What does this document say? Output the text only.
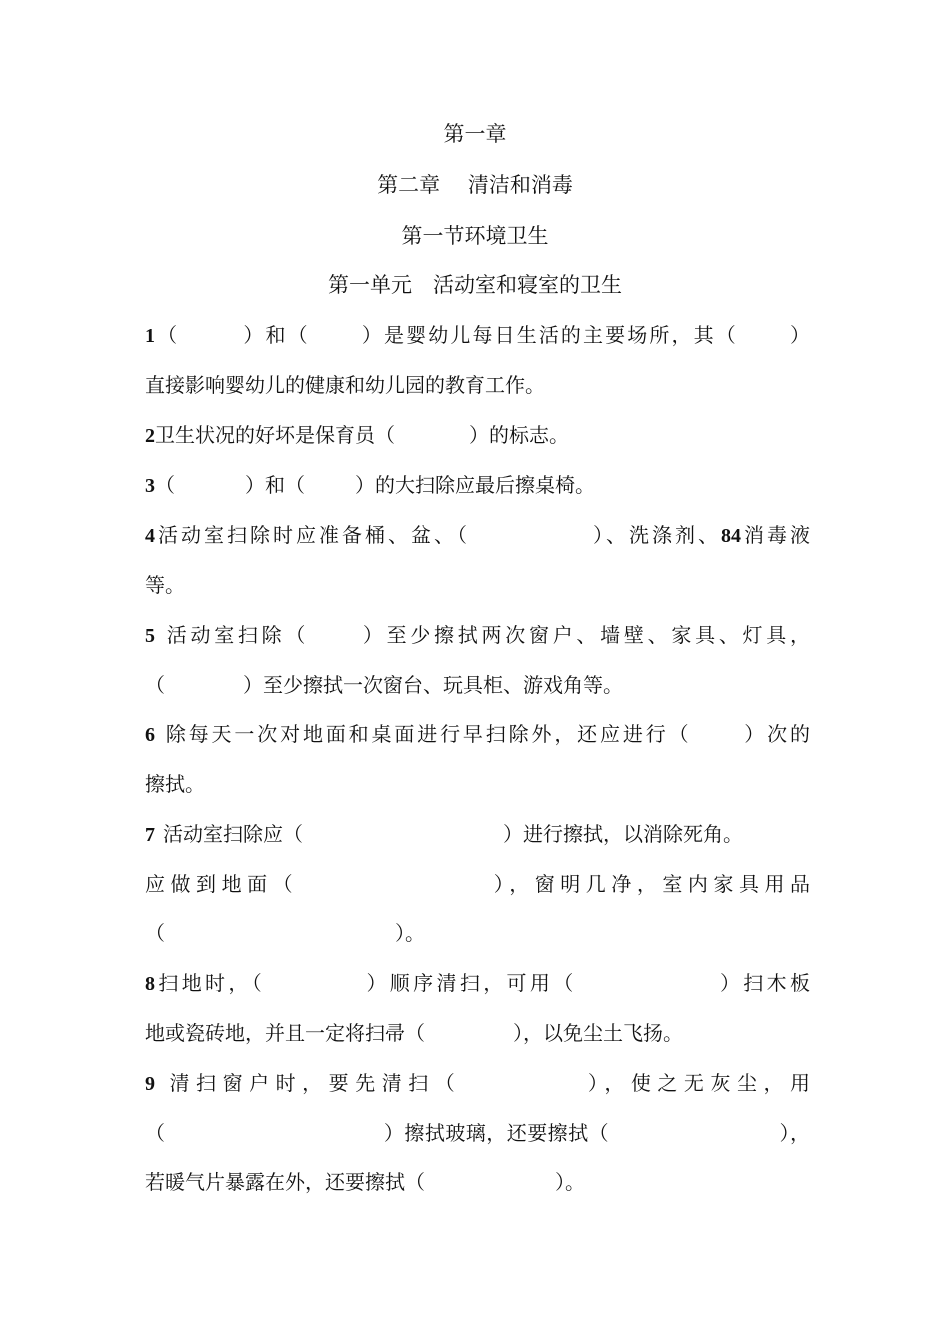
第一章
第二章　 清洁和消毒
第一节环境卫生
第一单元　活动室和寝室的卫生
1（	）和（	）是婴幼儿每日生活的主要场所，其（	）
直接影响婴幼儿的健康和幼儿园的教育工作。
2卫生状况的好坏是保育员（	）的标志。
3（	）和（	）的大扫除应最后擦桌椅。
4活动室扫除时应准备桶、盆、（	）、洗涤剂、84消毒液
等。
5 活动室扫除（	）至少擦拭两次窗户、墙壁、家具、灯具，
（	）至少擦拭一次窗台、玩具柜、游戏角等。
6 除每天一次对地面和桌面进行早扫除外，还应进行（	）次的
擦拭。
7 活动室扫除应（	）进行擦拭，以消除死角。
应做到地面（	），窗明几净，室内家具用品
（	）。
8扫地时，（	）顺序清扫，可用（	）扫木板
地或瓷砖地，并且一定将扫帚（	），以免尘土飞扬。
9 清扫窗户时，要先清扫（	），使之无灰尘，用
（	）擦拭玻璃，还要擦拭（	），
若暖气片暴露在外，还要擦拭（	）。
